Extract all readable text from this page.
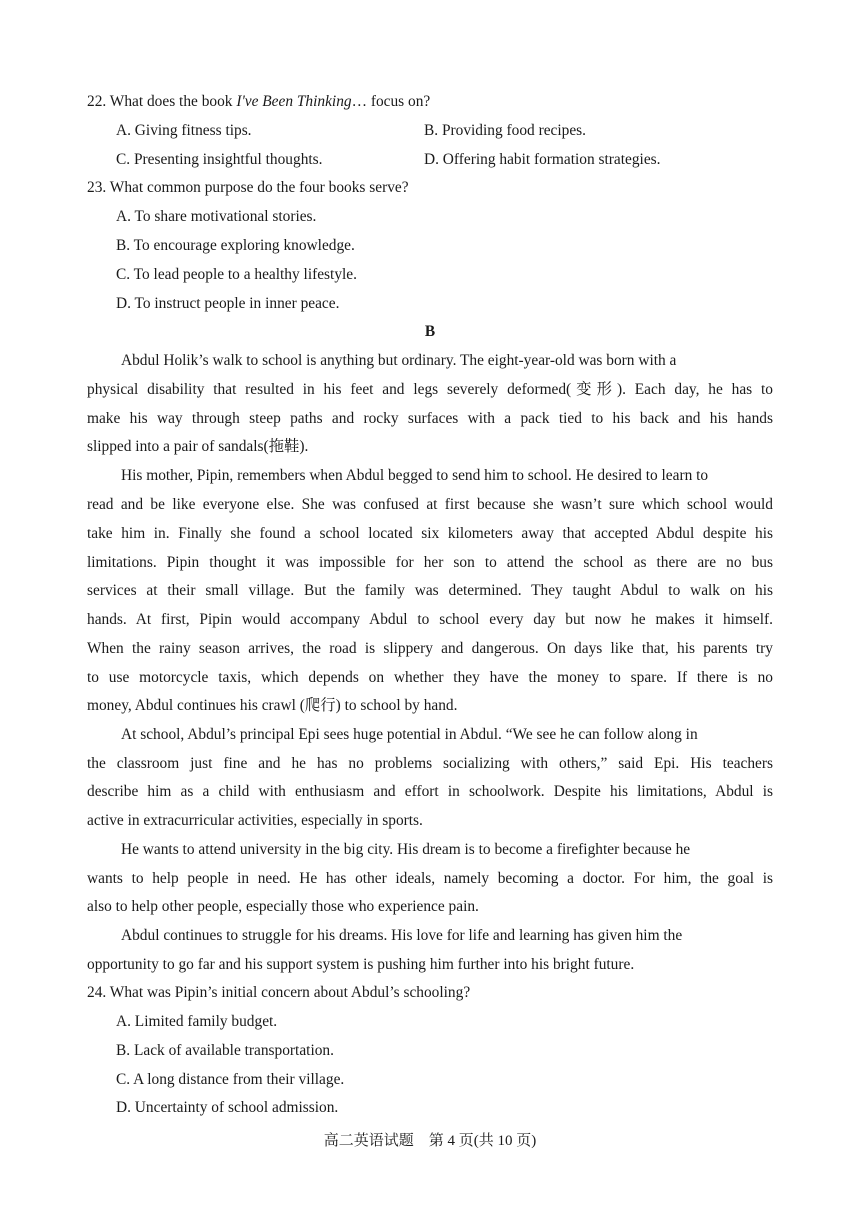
22. What does the book I've Been Thinking… focus on?
A. Giving fitness tips.	B. Providing food recipes.
C. Presenting insightful thoughts.	D. Offering habit formation strategies.
23. What common purpose do the four books serve?
A. To share motivational stories.
B. To encourage exploring knowledge.
C. To lead people to a healthy lifestyle.
D. To instruct people in inner peace.
B
Abdul Holik’s walk to school is anything but ordinary. The eight-year-old was born with a
physical disability that resulted in his feet and legs severely deformed(变形). Each day, he has to
make his way through steep paths and rocky surfaces with a pack tied to his back and his hands
slipped into a pair of sandals(拖鞋).
His mother, Pipin, remembers when Abdul begged to send him to school. He desired to learn to
read and be like everyone else. She was confused at first because she wasn’t sure which school would
take him in. Finally she found a school located six kilometers away that accepted Abdul despite his
limitations. Pipin thought it was impossible for her son to attend the school as there are no bus
services at their small village. But the family was determined. They taught Abdul to walk on his
hands. At first, Pipin would accompany Abdul to school every day but now he makes it himself.
When the rainy season arrives, the road is slippery and dangerous. On days like that, his parents try
to use motorcycle taxis, which depends on whether they have the money to spare. If there is no
money, Abdul continues his crawl (爬行) to school by hand.
At school, Abdul’s principal Epi sees huge potential in Abdul. “We see he can follow along in
the classroom just fine and he has no problems socializing with others,” said Epi. His teachers
describe him as a child with enthusiasm and effort in schoolwork. Despite his limitations, Abdul is
active in extracurricular activities, especially in sports.
He wants to attend university in the big city. His dream is to become a firefighter because he
wants to help people in need. He has other ideals, namely becoming a doctor. For him, the goal is
also to help other people, especially those who experience pain.
Abdul continues to struggle for his dreams. His love for life and learning has given him the
opportunity to go far and his support system is pushing him further into his bright future.
24. What was Pipin’s initial concern about Abdul’s schooling?
A. Limited family budget.
B. Lack of available transportation.
C. A long distance from their village.
D. Uncertainty of school admission.
高二英语试题　第 4 页(共 10 页)
